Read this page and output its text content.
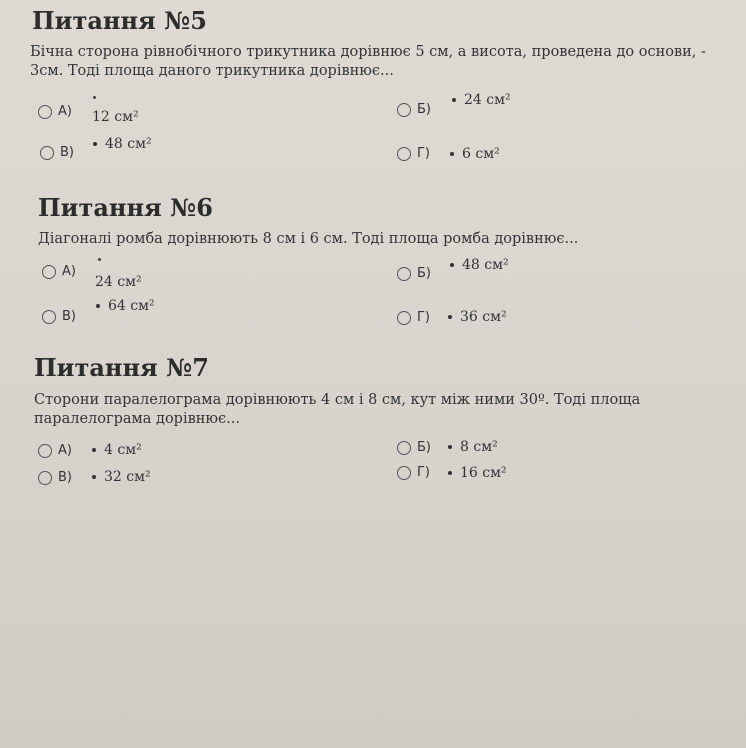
Питання №5

Бічна сторона рівнобічного трикутника дорівнює 5 см, а висота, проведена до основи, - 3см. Тоді площа даного трикутника дорівнює...

А) 12 см²	Б)
24 см²
В)
48 см²
Г)	6 см²
Питання №6

Діагоналі ромба дорівнюють 8 см і 6 см. Тоді площа ромба дорівнює...

А)
24 см²
Б)
48 см²
В)
64 см²
Г)	36 см²
Питання №7

Сторони паралелограма дорівнюють 4 см і 8 см, кут між ними 30º. Тоді площа паралелограма дорівнює...

А)	4 см²	Б)	8 см²
В)	32 см²	Г)	16 см²
